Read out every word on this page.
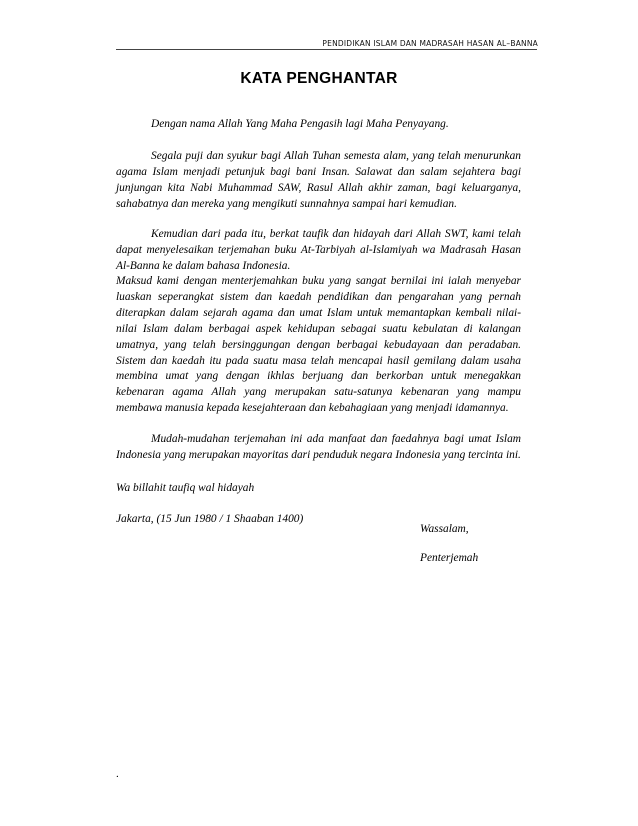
PENDIDIKAN ISLAM DAN MADRASAH HASAN AL–BANNA
KATA PENGHANTAR

Dengan nama Allah Yang Maha Pengasih lagi Maha Penyayang.

Segala puji dan syukur bagi Allah Tuhan semesta alam, yang telah menurunkan agama Islam menjadi petunjuk bagi bani Insan. Salawat dan salam sejahtera bagi junjungan kita Nabi Muhammad SAW, Rasul Allah akhir zaman, bagi keluarganya, sahabatnya dan mereka yang mengikuti sunnahnya sampai hari kemudian.

Kemudian dari pada itu, berkat taufik dan hidayah dari Allah SWT, kami telah dapat menyelesaikan terjemahan buku At-Tarbiyah al-Islamiyah wa Madrasah Hasan Al-Banna ke dalam bahasa Indonesia.

Maksud kami dengan menterjemahkan buku yang sangat bernilai ini ialah menyebar luaskan seperangkat sistem dan kaedah pendidikan dan pengarahan yang pernah diterapkan dalam sejarah agama dan umat Islam untuk memantapkan kembali nilai-nilai Islam dalam berbagai aspek kehidupan sebagai suatu kebulatan di kalangan umatnya, yang telah bersinggungan dengan berbagai kebudayaan dan peradaban. Sistem dan kaedah itu pada suatu masa telah mencapai hasil gemilang dalam usaha membina umat yang dengan ikhlas berjuang dan berkorban untuk menegakkan kebenaran agama Allah yang merupakan satu-satunya kebenaran yang mampu membawa manusia kepada kesejahteraan dan kebahagiaan yang menjadi idamannya.

Mudah-mudahan terjemahan ini ada manfaat dan faedahnya bagi umat Islam Indonesia yang merupakan mayoritas dari penduduk negara Indonesia yang tercinta ini.

Wa billahit taufiq wal hidayah

Jakarta, (15 Jun 1980 / 1 Shaaban 1400)

Wassalam,
Penterjemah
.
